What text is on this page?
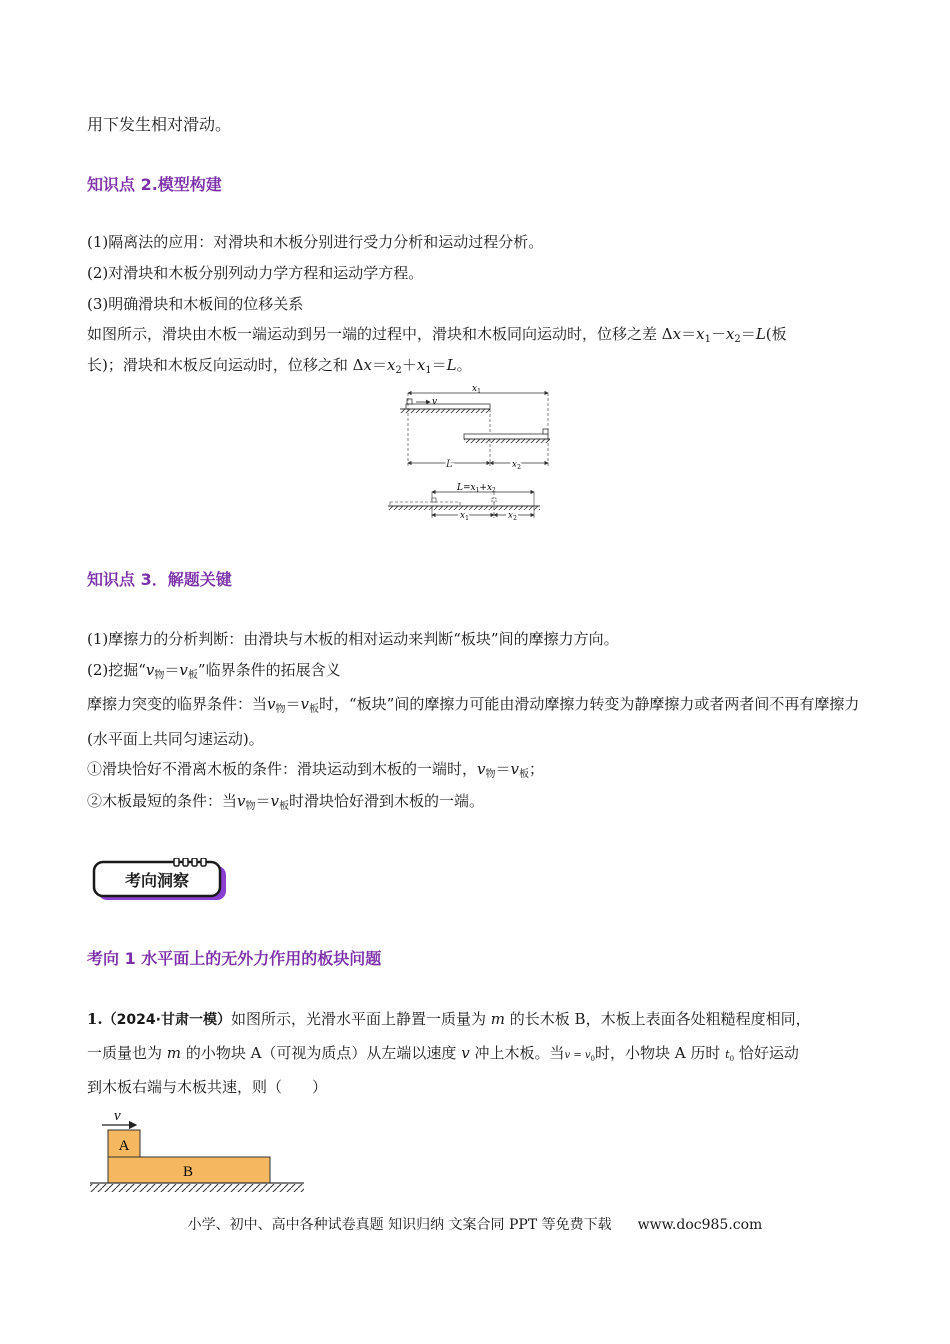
用下发生相对滑动。
知识点 2.模型构建
(1)隔离法的应用：对滑块和木板分别进行受力分析和运动过程分析。
(2)对滑块和木板分别列动力学方程和运动学方程。
(3)明确滑块和木板间的位移关系
如图所示，滑块由木板一端运动到另一端的过程中，滑块和木板同向运动时，位移之差 $\Delta x=x_1-x_2=L$(板
长)；滑块和木板反向运动时，位移之和 $\Delta x=x_2+x_1=L$。
v
$x_1$
L	$x_2$
$L=x_1+x_2$
$x_1$	$x_2$
知识点 3．解题关键
(1)摩擦力的分析判断：由滑块与木板的相对运动来判断“板块”间的摩擦力方向。
(2)挖掘“$v_物=v_板$”临界条件的拓展含义
摩擦力突变的临界条件：当$v_物=v_板$时，“板块”间的摩擦力可能由滑动摩擦力转变为静摩擦力或者两者间不再有摩擦力(水平面上共同匀速运动)。
①滑块恰好不滑离木板的条件：滑块运动到木板的一端时，$v_物=v_板$；
②木板最短的条件：当$v_物=v_板$时滑块恰好滑到木板的一端。
考向洞察
考向 1 水平面上的无外力作用的板块问题
1.（2024·甘肃一模）如图所示，光滑水平面上静置一质量为 m 的长木板 B，木板上表面各处粗糙程度相同，
一质量也为 m 的小物块 A（可视为质点）从左端以速度 v 冲上木板。当$v = v_0$时，小物块 A 历时 $t_0$ 恰好运动
到木板右端与木板共速，则（　　）
v
A
B
小学、初中、高中各种试卷真题 知识归纳 文案合同 PPT 等免费下载 www.doc985.com
